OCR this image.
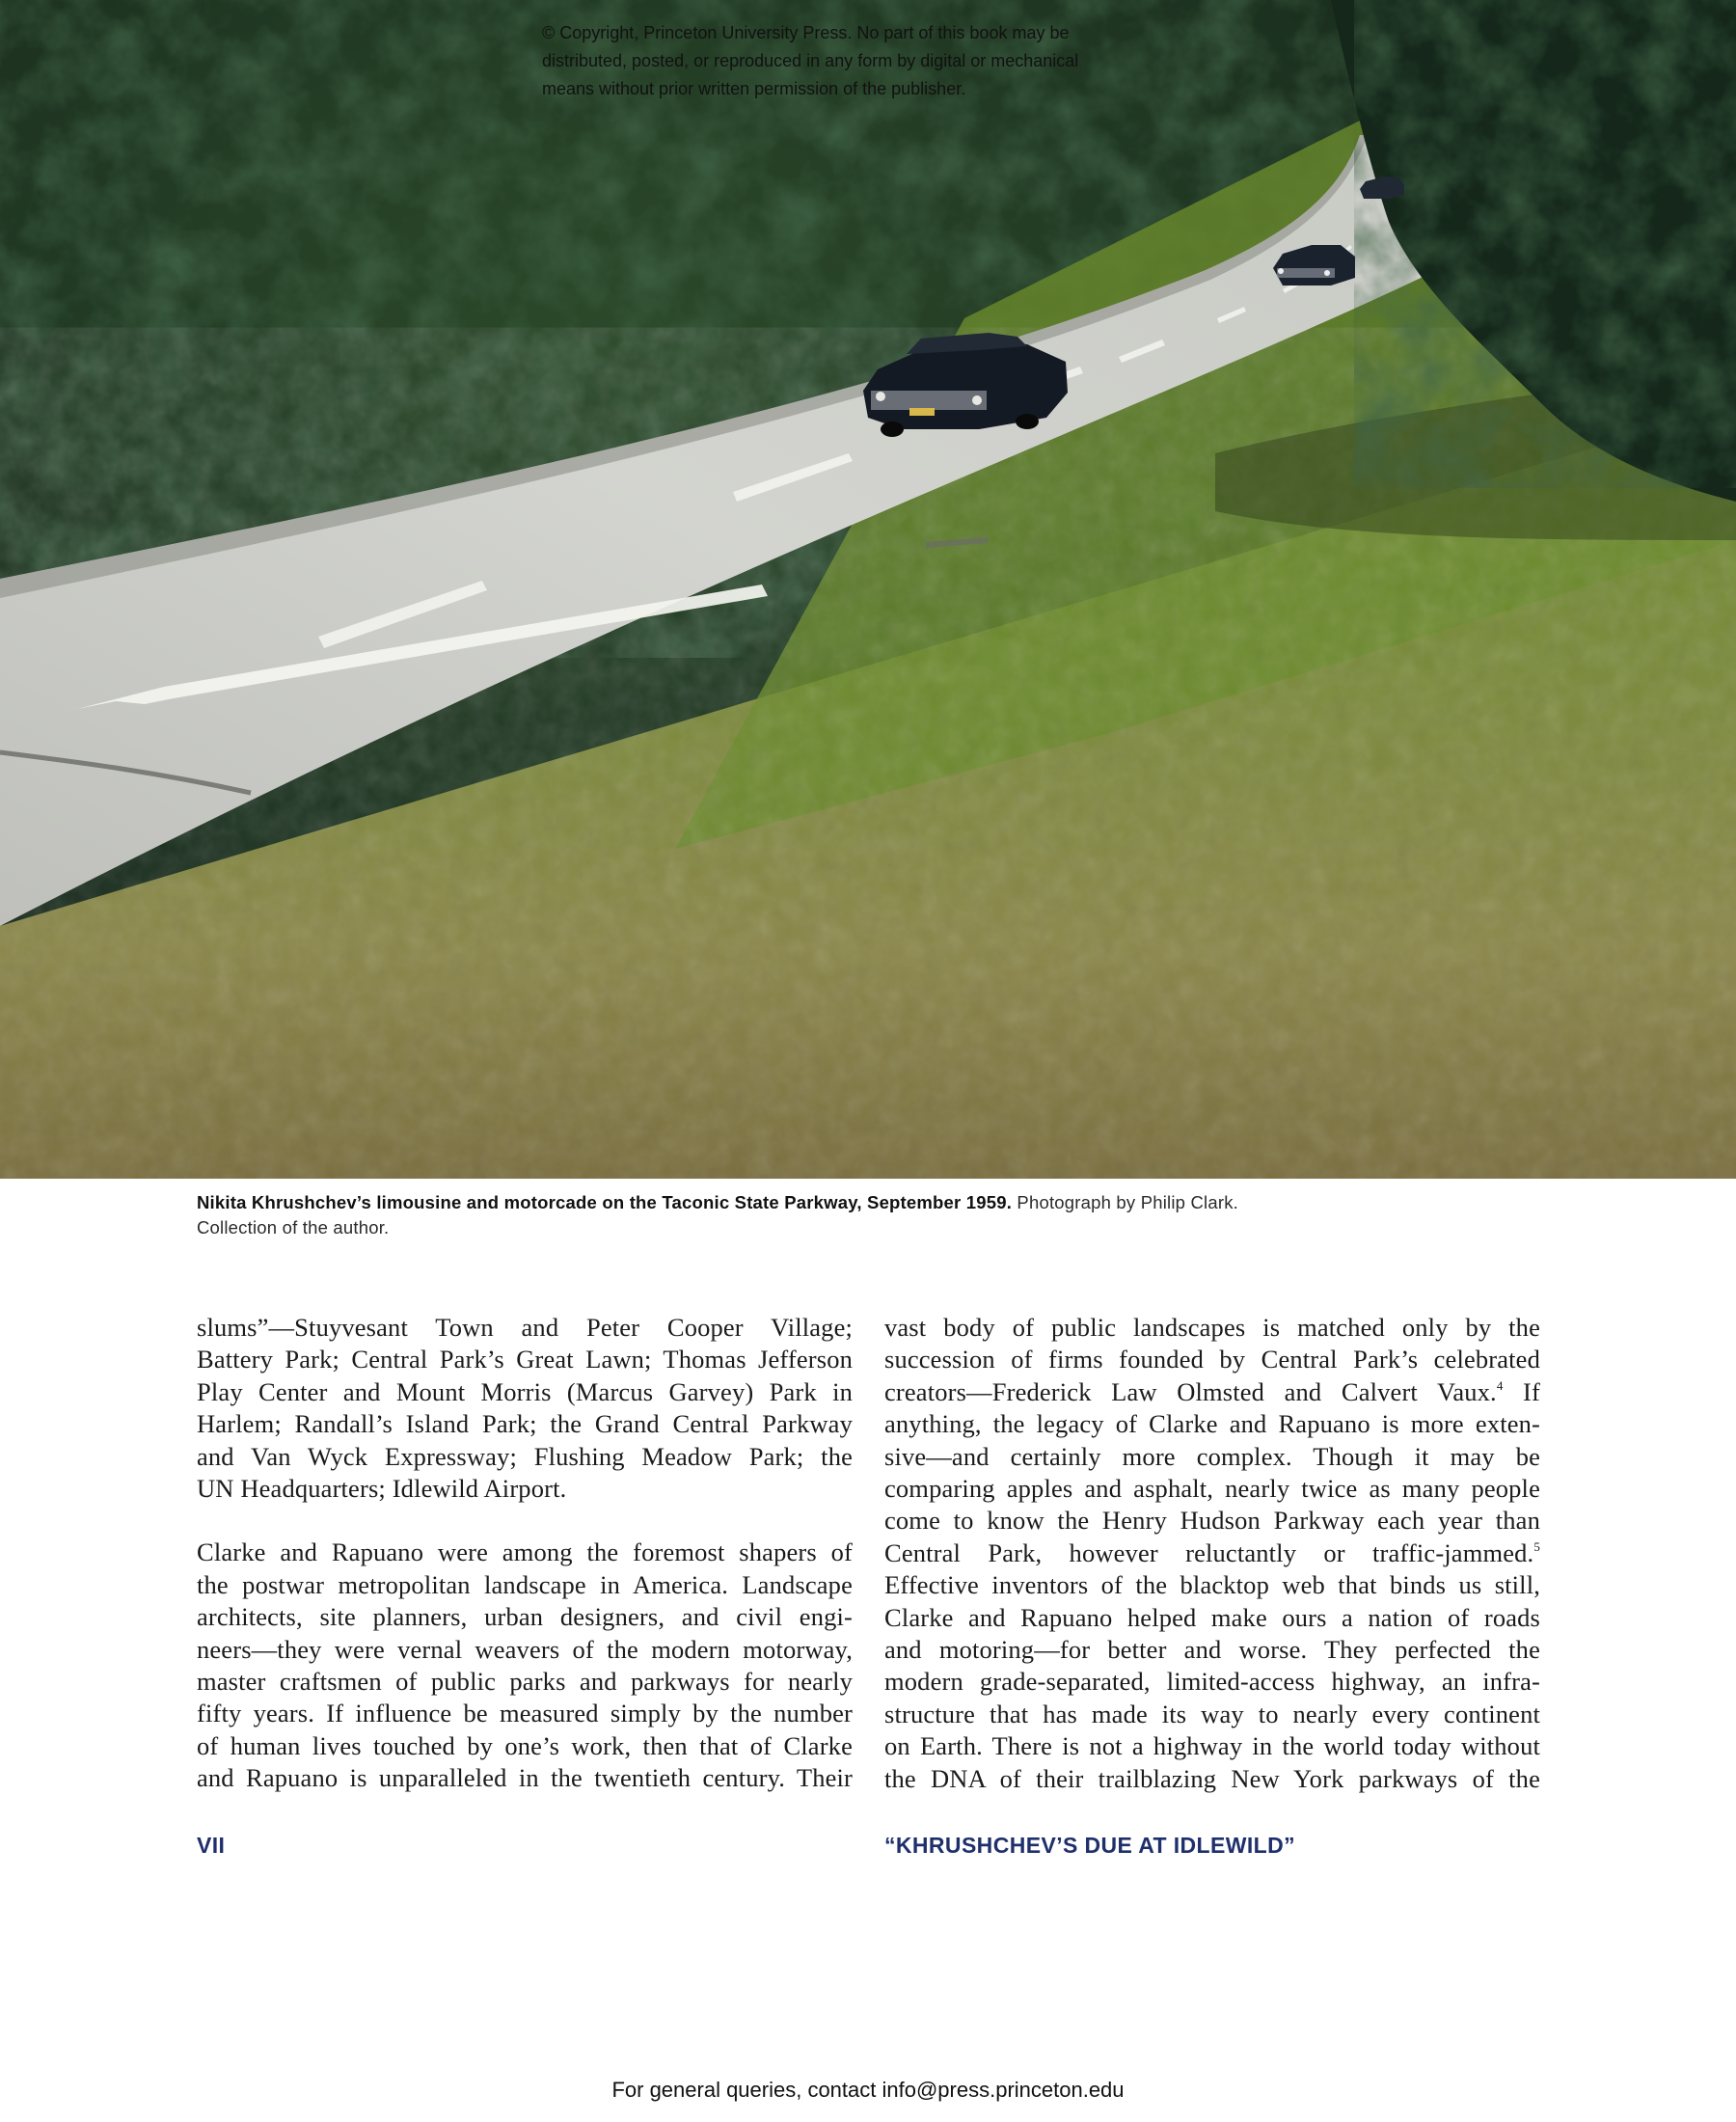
© Copyright, Princeton University Press. No part of this book may be
distributed, posted, or reproduced in any form by digital or mechanical
means without prior written permission of the publisher.
Nikita Khrushchev’s limousine and motorcade on the Taconic State Parkway, September 1959. Photograph by Philip Clark.
Collection of the author.

slums”—Stuyvesant Town and Peter Cooper Village;
Battery Park; Central Park’s Great Lawn; Thomas Jefferson
Play Center and Mount Morris (Marcus Garvey) Park in
Harlem; Randall’s Island Park; the Grand Central Parkway
and Van Wyck Expressway; Flushing Meadow Park; the
UN Headquarters; Idlewild Airport.

Clarke and Rapuano were among the foremost shapers of
the postwar metropolitan landscape in America. Landscape
architects, site planners, urban designers, and civil engi-
neers—they were vernal weavers of the modern motorway,
master craftsmen of public parks and parkways for nearly
fifty years. If influence be measured simply by the number
of human lives touched by one’s work, then that of Clarke
and Rapuano is unparalleled in the twentieth century. Their

vast body of public landscapes is matched only by the
succession of firms founded by Central Park’s celebrated
creators—Frederick Law Olmsted and Calvert Vaux.$^4$ If
anything, the legacy of Clarke and Rapuano is more exten-
sive—and certainly more complex. Though it may be
comparing apples and asphalt, nearly twice as many people
come to know the Henry Hudson Parkway each year than
Central Park, however reluctantly or traffic-jammed.$^5$
Effective inventors of the blacktop web that binds us still,
Clarke and Rapuano helped make ours a nation of roads
and motoring—for better and worse. They perfected the
modern grade-separated, limited-access highway, an infra-
structure that has made its way to nearly every continent
on Earth. There is not a highway in the world today without
the DNA of their trailblazing New York parkways of the

VII	“KHRUSHCHEV’S DUE AT IDLEWILD”
For general queries, contact info@press.princeton.edu
